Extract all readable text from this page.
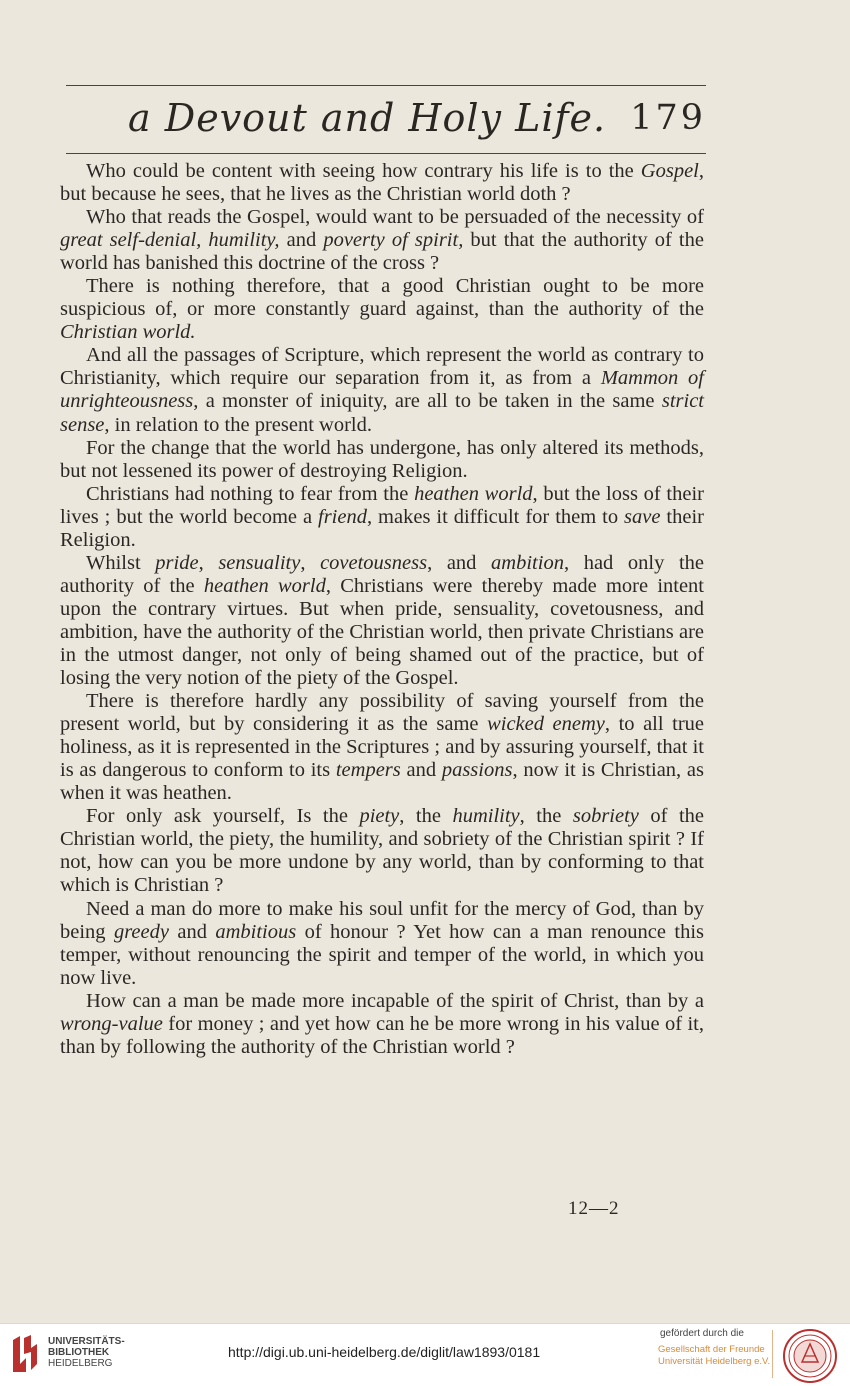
a Devout and Holy Life. 179

Who could be content with seeing how contrary his life is to the Gospel, but because he sees, that he lives as the Christian world doth ?

Who that reads the Gospel, would want to be persuaded of the necessity of great self-denial, humility, and poverty of spirit, but that the authority of the world has banished this doctrine of the cross ?

There is nothing therefore, that a good Christian ought to be more suspicious of, or more constantly guard against, than the authority of the Christian world.

And all the passages of Scripture, which represent the world as contrary to Christianity, which require our separation from it, as from a Mammon of unrighteousness, a monster of iniquity, are all to be taken in the same strict sense, in relation to the present world.

For the change that the world has undergone, has only altered its methods, but not lessened its power of destroying Religion.

Christians had nothing to fear from the heathen world, but the loss of their lives ; but the world become a friend, makes it difficult for them to save their Religion.

Whilst pride, sensuality, covetousness, and ambition, had only the authority of the heathen world, Christians were thereby made more intent upon the contrary virtues. But when pride, sensuality, covetousness, and ambition, have the authority of the Christian world, then private Christians are in the utmost danger, not only of being shamed out of the practice, but of losing the very notion of the piety of the Gospel.

There is therefore hardly any possibility of saving yourself from the present world, but by considering it as the same wicked enemy, to all true holiness, as it is represented in the Scriptures ; and by assuring yourself, that it is as dangerous to conform to its tempers and passions, now it is Christian, as when it was heathen.

For only ask yourself, Is the piety, the humility, the sobriety of the Christian world, the piety, the humility, and sobriety of the Christian spirit ? If not, how can you be more undone by any world, than by conforming to that which is Christian ?

Need a man do more to make his soul unfit for the mercy of God, than by being greedy and ambitious of honour ? Yet how can a man renounce this temper, without renouncing the spirit and temper of the world, in which you now live.

How can a man be made more incapable of the spirit of Christ, than by a wrong-value for money ; and yet how can he be more wrong in his value of it, than by following the authority of the Christian world ?

12—2
UNIVERSITÄTS-
BIBLIOTHEK
HEIDELBERG
http://digi.ub.uni-heidelberg.de/diglit/law1893/0181
gefördert durch die
Gesellschaft der Freunde
Universität Heidelberg e.V.
